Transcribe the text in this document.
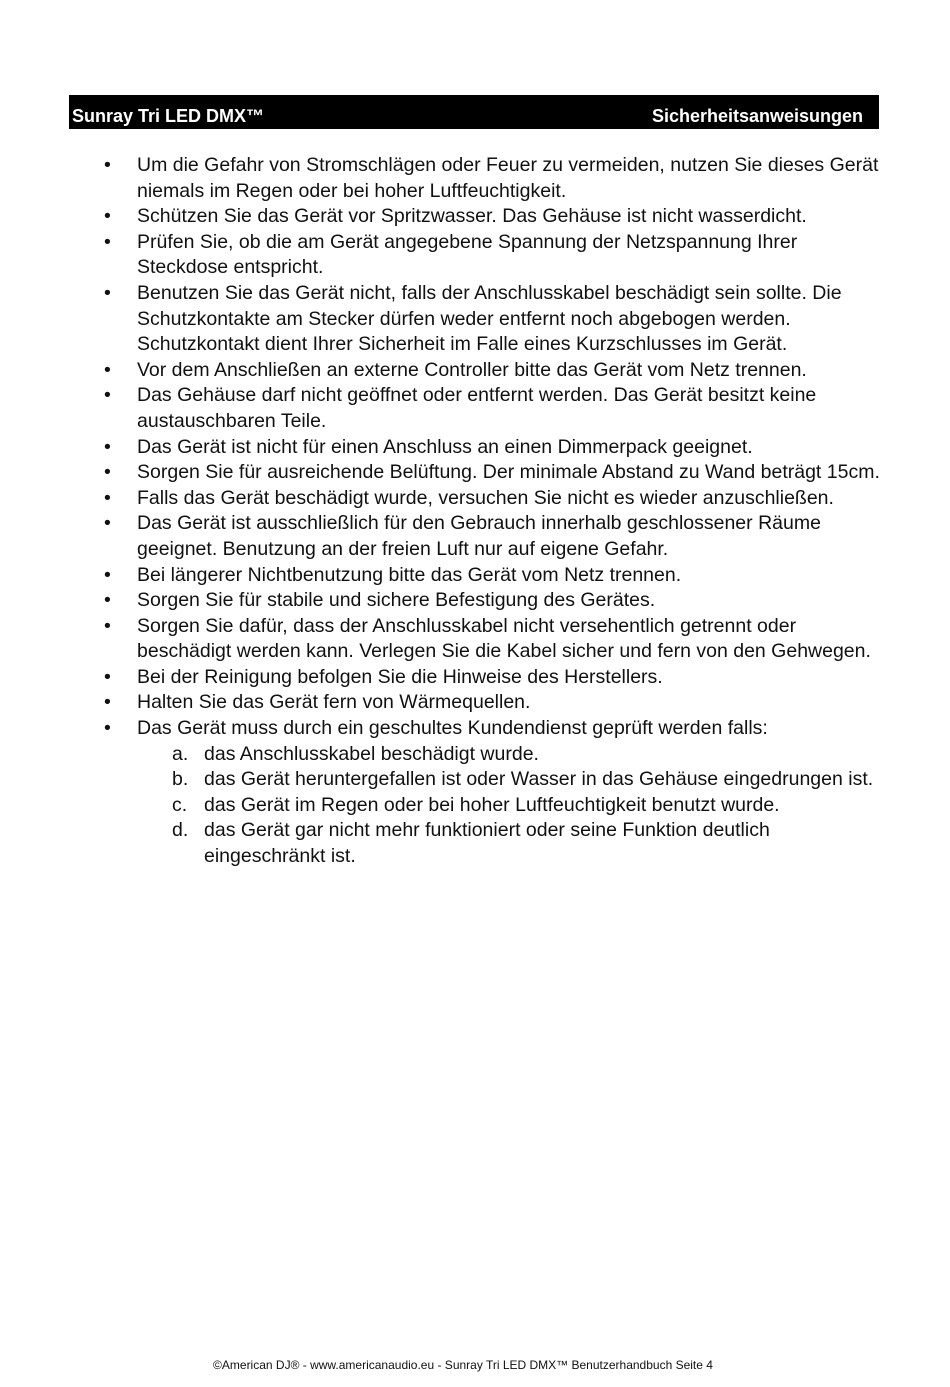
Sunray Tri LED DMX™	Sicherheitsanweisungen
• Um die Gefahr von Stromschlägen oder Feuer zu vermeiden, nutzen Sie dieses Gerät niemals im Regen oder bei hoher Luftfeuchtigkeit.
• Schützen Sie das Gerät vor Spritzwasser. Das Gehäuse ist nicht wasserdicht.
• Prüfen Sie, ob die am Gerät angegebene Spannung der Netzspannung Ihrer Steckdose entspricht.
• Benutzen Sie das Gerät nicht, falls der Anschlusskabel beschädigt sein sollte. Die Schutzkontakte am Stecker dürfen weder entfernt noch abgebogen werden. Schutzkontakt dient Ihrer Sicherheit im Falle eines Kurzschlusses im Gerät.
• Vor dem Anschließen an externe Controller bitte das Gerät vom Netz trennen.
• Das Gehäuse darf nicht geöffnet oder entfernt werden. Das Gerät besitzt keine austauschbaren Teile.
• Das Gerät ist nicht für einen Anschluss an einen Dimmerpack geeignet.
• Sorgen Sie für ausreichende Belüftung. Der minimale Abstand zu Wand beträgt 15cm.
• Falls das Gerät beschädigt wurde, versuchen Sie nicht es wieder anzuschließen.
• Das Gerät ist ausschließlich für den Gebrauch innerhalb geschlossener Räume geeignet. Benutzung an der freien Luft nur auf eigene Gefahr.
• Bei längerer Nichtbenutzung bitte das Gerät vom Netz trennen.
• Sorgen Sie für stabile und sichere Befestigung des Gerätes.
• Sorgen Sie dafür, dass der Anschlusskabel nicht versehentlich getrennt oder beschädigt werden kann. Verlegen Sie die Kabel sicher und fern von den Gehwegen.
• Bei der Reinigung befolgen Sie die Hinweise des Herstellers.
• Halten Sie das Gerät fern von Wärmequellen.
• Das Gerät muss durch ein geschultes Kundendienst geprüft werden falls:
a. das Anschlusskabel beschädigt wurde.
b. das Gerät heruntergefallen ist oder Wasser in das Gehäuse eingedrungen ist.
c. das Gerät im Regen oder bei hoher Luftfeuchtigkeit benutzt wurde.
d. das Gerät gar nicht mehr funktioniert oder seine Funktion deutlich eingeschränkt ist.
©American DJ® - www.americanaudio.eu - Sunray Tri LED DMX™ Benutzerhandbuch Seite 4
